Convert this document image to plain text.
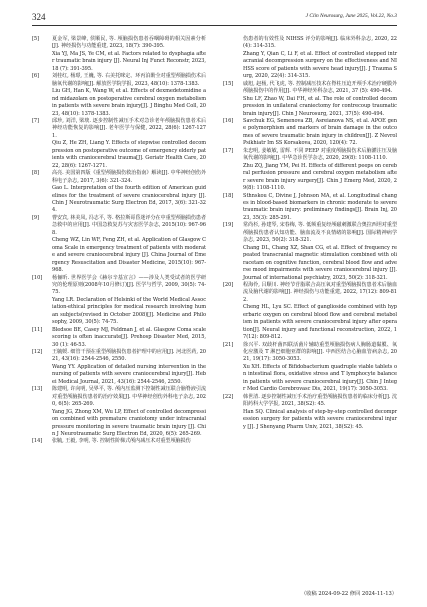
324	J Clin Neurosurg, June 2025, Vol.22, No.3

[5]	夏金军, 梁景峰, 侯顺民, 等. 颅脑损伤患者吞咽障碍的相关因素分析[J]. 神经损伤与功能重建, 2023, 18(7): 390-395.

Xia YJ, Ma JS, Ye CM, et al. Factors related to dysphagia after traumatic brain injury [J]. Neural Inj Funct Reconstr, 2023, 18 (7): 391-395.

[6]	刘桂红, 杨璟, 王巍, 等. 右美托咪定、环丙泊酚全对重型颅脑损伤术后脑氧代谢的影响[J]. 解放医学院学报, 2023, 48(10): 1378-1383.

Liu GH, Han K, Wang W, et al. Effects of dexmedetomidine and midazolam on postoperative cerebral oxygen metabolism in patients with severe brain injury[J]. J Binghu Med Coll, 2023, 48(10): 1378-1383.

[7]	邱珍, 刘洋, 梁琰. 逐步控制性减压手术对急诊老年颅脑损伤患者术后神经功能恢复的影响[J]. 老年医学与保健, 2022, 28(6): 1267-1271.

Qiu Z, He ZH, Liang Y. Effects of stepwise controlled decompression on postoperative outcome of emergency elderly patients with craniocerebral trauma[J]. Geriatr Health Care, 2022, 28(6): 1267-1271.

[8]	高亮. 美国第四版《重型颅脑损伤救治指南》解读[J]. 中华神经创伤外科电子杂志, 2017, 3(6): 321-324.

Gao L. Interpretation of the fourth edition of American guidelines for the treatment of severe craniocerebral injury [J]. Chin J Neurotraumatic Surg Electron Ed, 2017, 3(6): 321-324.

[9]	曹安宾, 林美凤, 冯志平, 等. 格拉斯哥昏迷评分在中重型颅脑损伤患者急救中的应用[J]. 中国急救复苏与灾害医学杂志, 2015(10): 967-968.

Cheng WZ, Lin WF, Feng ZH, et al. Application of Glasgow Coma Scale in emergency treatment of patients with moderate and severe craniocerebral injury [J]. China Journal of Emergency Resuscitation and Disaster Medicine, 2015(10): 967-968.

[10] 杨俪昕. 世界医学会《赫尔辛基宣言》——涉及人类受试者的医学研究的伦理原则(2008年10月修订)[J]. 医学与哲学, 2009, 30(5): 74-75.

Yang LR. Declaration of Helsinki of the World Medical Association-ethical principles for medical research involving human subjects(revised in October 2008)[J]. Medicine and Philosophy, 2009, 30(5): 74-75.

[11] Bledsoe BE, Casey MJ, Feldman J, et al. Glasgow Coma scale scoring is often inaccurate[J]. Prehosp Disaster Med, 2015, 30 (1): 46-53.

[12] 王毓媛. 细管干预在重型颅脑损伤患者护理中的应用[J]. 河北医药, 2021, 43(16): 2544-2546, 2550.

Wang YY. Application of detailed nursing intervention in the nursing of patients with severe craniocerebral injury[J]. Hebei Medical Journal, 2021, 43(16): 2544-2546, 2550.

[13] 陈建明, 许向明, 吴界平, 等. 颅内压监测下控制性减压联合脑脊液引流对重型颅脑损伤患者的治疗效果[J]. 中华神经创伤外科电子杂志, 2020, 6(5): 265-269.

Yang JG, Zhong XM, Wu LP, Effect of controlled decompression combined with premature craniotomy under intracranial pressure monitoring in severe traumatic brain injury [J]. Chin J Neurotraumatic Surg Electron Ed, 2020, 6(5): 265-269.

[14] 张毓, 王毅, 李明, 等. 控制性阶梯式颅内减压术对重型颅脑损伤

伤患者的有效性及 NIHSS 评分的影响[J]. 临床外科杂志, 2020, 22(4): 314-315.

Zhang Y, Qian C, Li F, et al. Effect of controlled stepped intracranial decompression surgery on the effectiveness and NIHSS score of patients with severe head injury[J]. J Trauma Surg, 2020, 22(4): 314-315.

[15] 戚旭, 赵杨, 代飞虎, 等. 控制减压技术在脊柱压迫开颅手术治疗硬膜外颅脑损伤中的作用[J]. 中华神经外科杂志, 2021, 37 (5): 490-494.

Shu LF, Zhao W, Dai FH, et al. The role of controlled decompression in unilateral craniectomy for contrecoup traumatic brain injury[J]. Chin J Neurosurg, 2021, 37(5): 490-494.

[16] Savchuk EG, Semenova ZB, Asreianova NS, et al. APOE gene polymorphism and markers of brain damage in the outcomes of severe traumatic brain injury in children[J]. Z Nevrol Psikhiatr Im SS Korsakova, 2020, 120(4): 72.

[17] 朱忠明, 姜敏敏, 雷辉. 不同 PEEP 对重度颅脑损伤术后脑灌注压及脑氧代谢的影响[J]. 中华急诊医学杂志, 2020, 29(8): 1108-1110.

Zhu ZQ, Jiang YM, Pei H. Effects of different peeps on cerebral perfusion pressure and cerebral oxygen metabolism after severe brain injury surgery[J]. Chin J Emerg Med, 2020, 29(8): 1108-1110.

[18] Sthnskou C, Divine J, Johnson MA, et al. Longitudinal changes in blood-based biomarkers in chronic moderate to severe traumatic brain injury: preliminary findings[J]. Brain Inj, 2023, 35(3): 285-291.

[19] 常尚杉, 孙建琴, 宋春梅, 等. 低频重复经颅磁刺激联合奥拉西坦对重型颅脑损伤患者认知功能、脑血流及不良情绪的影响[J]. 国际精神病学杂志, 2023, 50(2): 318-321.

Chang DL, Chang XZ, Shan CG, et al. Effect of frequency repeated transcranial magnetic stimulation combined with oliracetam on cognitive function, cerebral blood flow and adverse mood impairments with severe craniocerebral injury [J]. Journal of international psychiatry, 2023, 50(2): 318-321.

[20] 程海伶, 吕顺川. 神经节苷脂联合高压氧对重型颅脑损伤患者术后脑血流及脑代谢的影响[J]. 神经损伤与功能重建, 2022, 17(12): 809-812.

Cheng HL, Lyu SC. Effect of ganglioside combined with hyperbaric oxygen on cerebral blood flow and cerebral metabolism in patients with severe craniocerebral injury after operation[J]. Neural injury and functional reconstruction, 2022, 17(12): 809-812.

[21] 徐兴平. 双歧杆菌四联活菌片辅助重型颅脑损伤病人胸肠道黏膜、氧化应激及 T 淋巴细胞亚群的影响[J]. 中西医结合心脑血管病杂志, 2021, 19(17): 3050-3053.

Xu XH. Effects of Bifidobacterium quadruple viable tablets on intestinal flora, oxidative stress and T lymphocyte balance in patients with severe craniocerebral injury[J]. Chin J Integr Med Cardio Cerebrovasc Dis, 2021, 19(17): 3050-3053.

[22] 韩世清. 逐步控制性减压手术治疗重型颅脑损伤患者的临床分析[J]. 沈阳药科大学学报, 2021, 38(S2): 45.

Han SQ. Clinical analysis of step-by-step controlled decompression surgery for patients with severe craniocerebral injury [J]. J Shenyang Pharm Univ, 2021, 38(S2): 45.

（收稿 2024-09-22 修回 2024-11-13）
